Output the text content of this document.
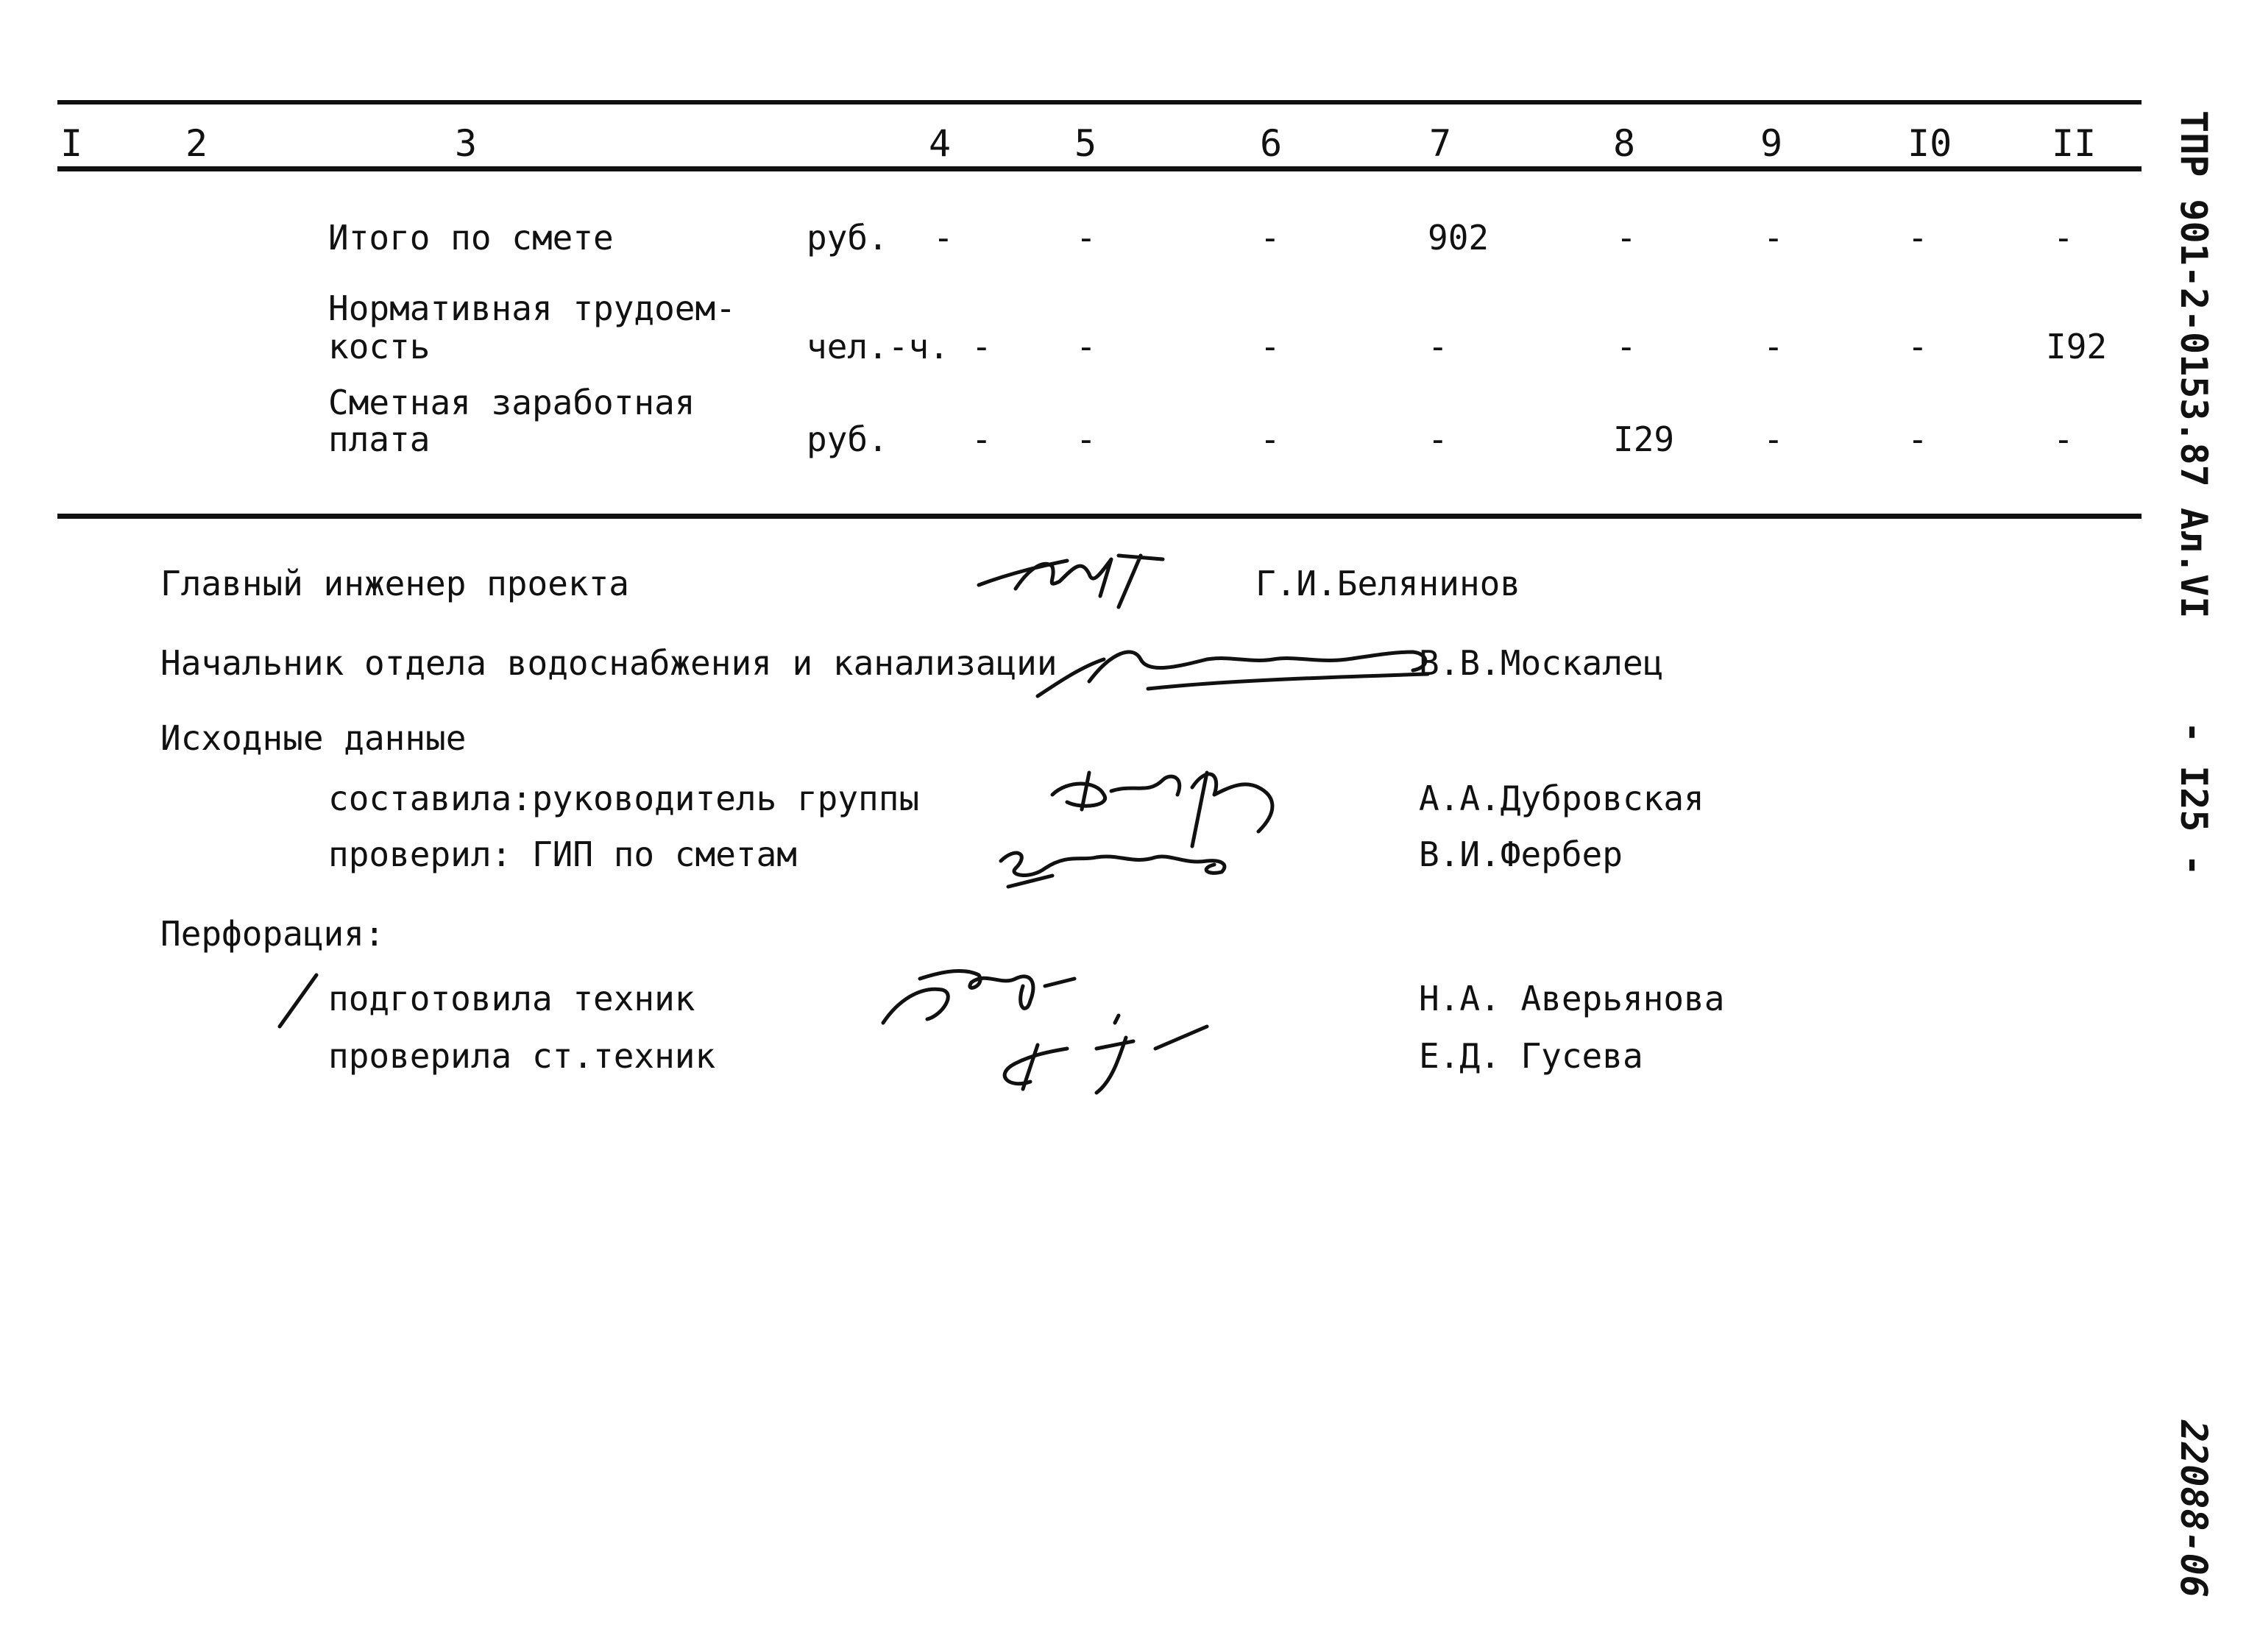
I	2	3	4	5	6	7	8	9	I0	II
Итого по смете	руб. -	-	-	902	-	-	-	-
Нормативная трудоем-
кость	чел.-ч. - -	-	-	-	-	-	I92
Сметная заработная
плата	руб. - -	-	-	I29	-	-	-
Главный инженер проекта	Г.И.Белянинов
Начальник отдела водоснабжения и канализации	В.В.Москалец
Исходные данные
составила:руководитель группы	А.А.Дубровская
проверил: ГИП по сметам	В.И.Фербер
Перфорация:
подготовила техник	Н.А. Аверьянова
проверила ст.техник	Е.Д. Гусева
ТПР 901-2-0153.87
Ал.VI
- I25 -
22088-06
